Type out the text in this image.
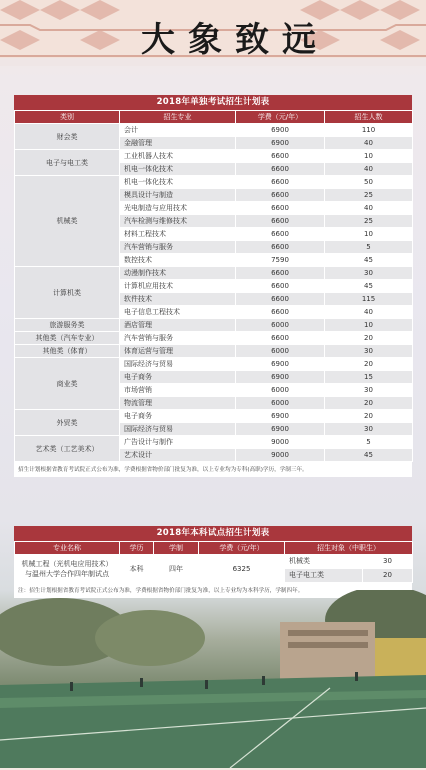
大 象 致 远
2018年单独考试招生计划表
类别	招生专业	学费（元/年）	招生人数
财会类	会计	6900	110
	金融管理	6900	40
电子与电工类	工业机器人技术	6600	10
	机电一体化技术	6600	40
机械类	机电一体化技术	6600	50
	模具设计与制造	6600	25
	光电制造与应用技术	6600	40
	汽车检测与维修技术	6600	25
	材料工程技术	6600	10
	汽车营销与服务	6600	5
	数控技术	7590	45
计算机类	动漫制作技术	6600	30
	计算机应用技术	6600	45
	软件技术	6600	115
	电子信息工程技术	6600	40
旅游服务类	酒店管理	6000	10
其他类（汽车专业）	汽车营销与服务	6600	20
其他类（体育）	体育运营与管理	6000	30
商业类	国际经济与贸易	6900	20
	电子商务	6900	15
	市场营销	6000	30
	物流管理	6000	20
外贸类	电子商务	6900	20
	国际经济与贸易	6900	30
艺术类（工艺美术）	广告设计与制作	9000	5
	艺术设计	9000	45
招生计划根据省教育考试院正式公布为准，学费根据省物价部门批复为准，以上专业均为专科(高职)学历，学制三年。
2018年本科试点招生计划表
专业名称	学历	学制	学费（元/年）	招生对象（中职生）	

机械工程（光机电应用技术）
与温州大学合作四年制试点	本科	四年	6325	机械类	30
				电子电工类	20
注：招生计划根据省教育考试院正式公布为准，学费根据省物价部门批复为准，以上专业均为本科学历，学制四年。
